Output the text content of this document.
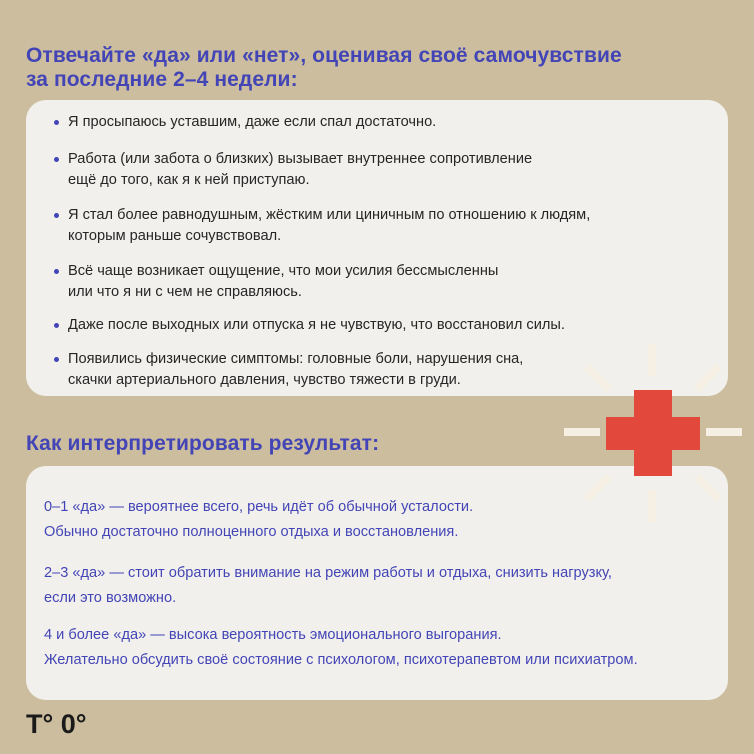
Отвечайте «да» или «нет», оценивая своё самочувствие
за последние 2–4 недели:

Я просыпаюсь уставшим, даже если спал достаточно.

Работа (или забота о близких) вызывает внутреннее сопротивление
ещё до того, как я к ней приступаю.

Я стал более равнодушным, жёстким или циничным по отношению к людям,
которым раньше сочувствовал.

Всё чаще возникает ощущение, что мои усилия бессмысленны
или что я ни с чем не справляюсь.

Даже после выходных или отпуска я не чувствую, что восстановил силы.

Появились физические симптомы: головные боли, нарушения сна,
скачки артериального давления, чувство тяжести в груди.

Как интерпретировать результат:

0–1 «да» — вероятнее всего, речь идёт об обычной усталости.
Обычно достаточно полноценного отдыха и восстановления.

2–3 «да» — стоит обратить внимание на режим работы и отдыха, снизить нагрузку,
если это возможно.

4 и более «да» — высока вероятность эмоционального выгорания.
Желательно обсудить своё состояние с психологом, психотерапевтом или психиатром.

T° 0°
